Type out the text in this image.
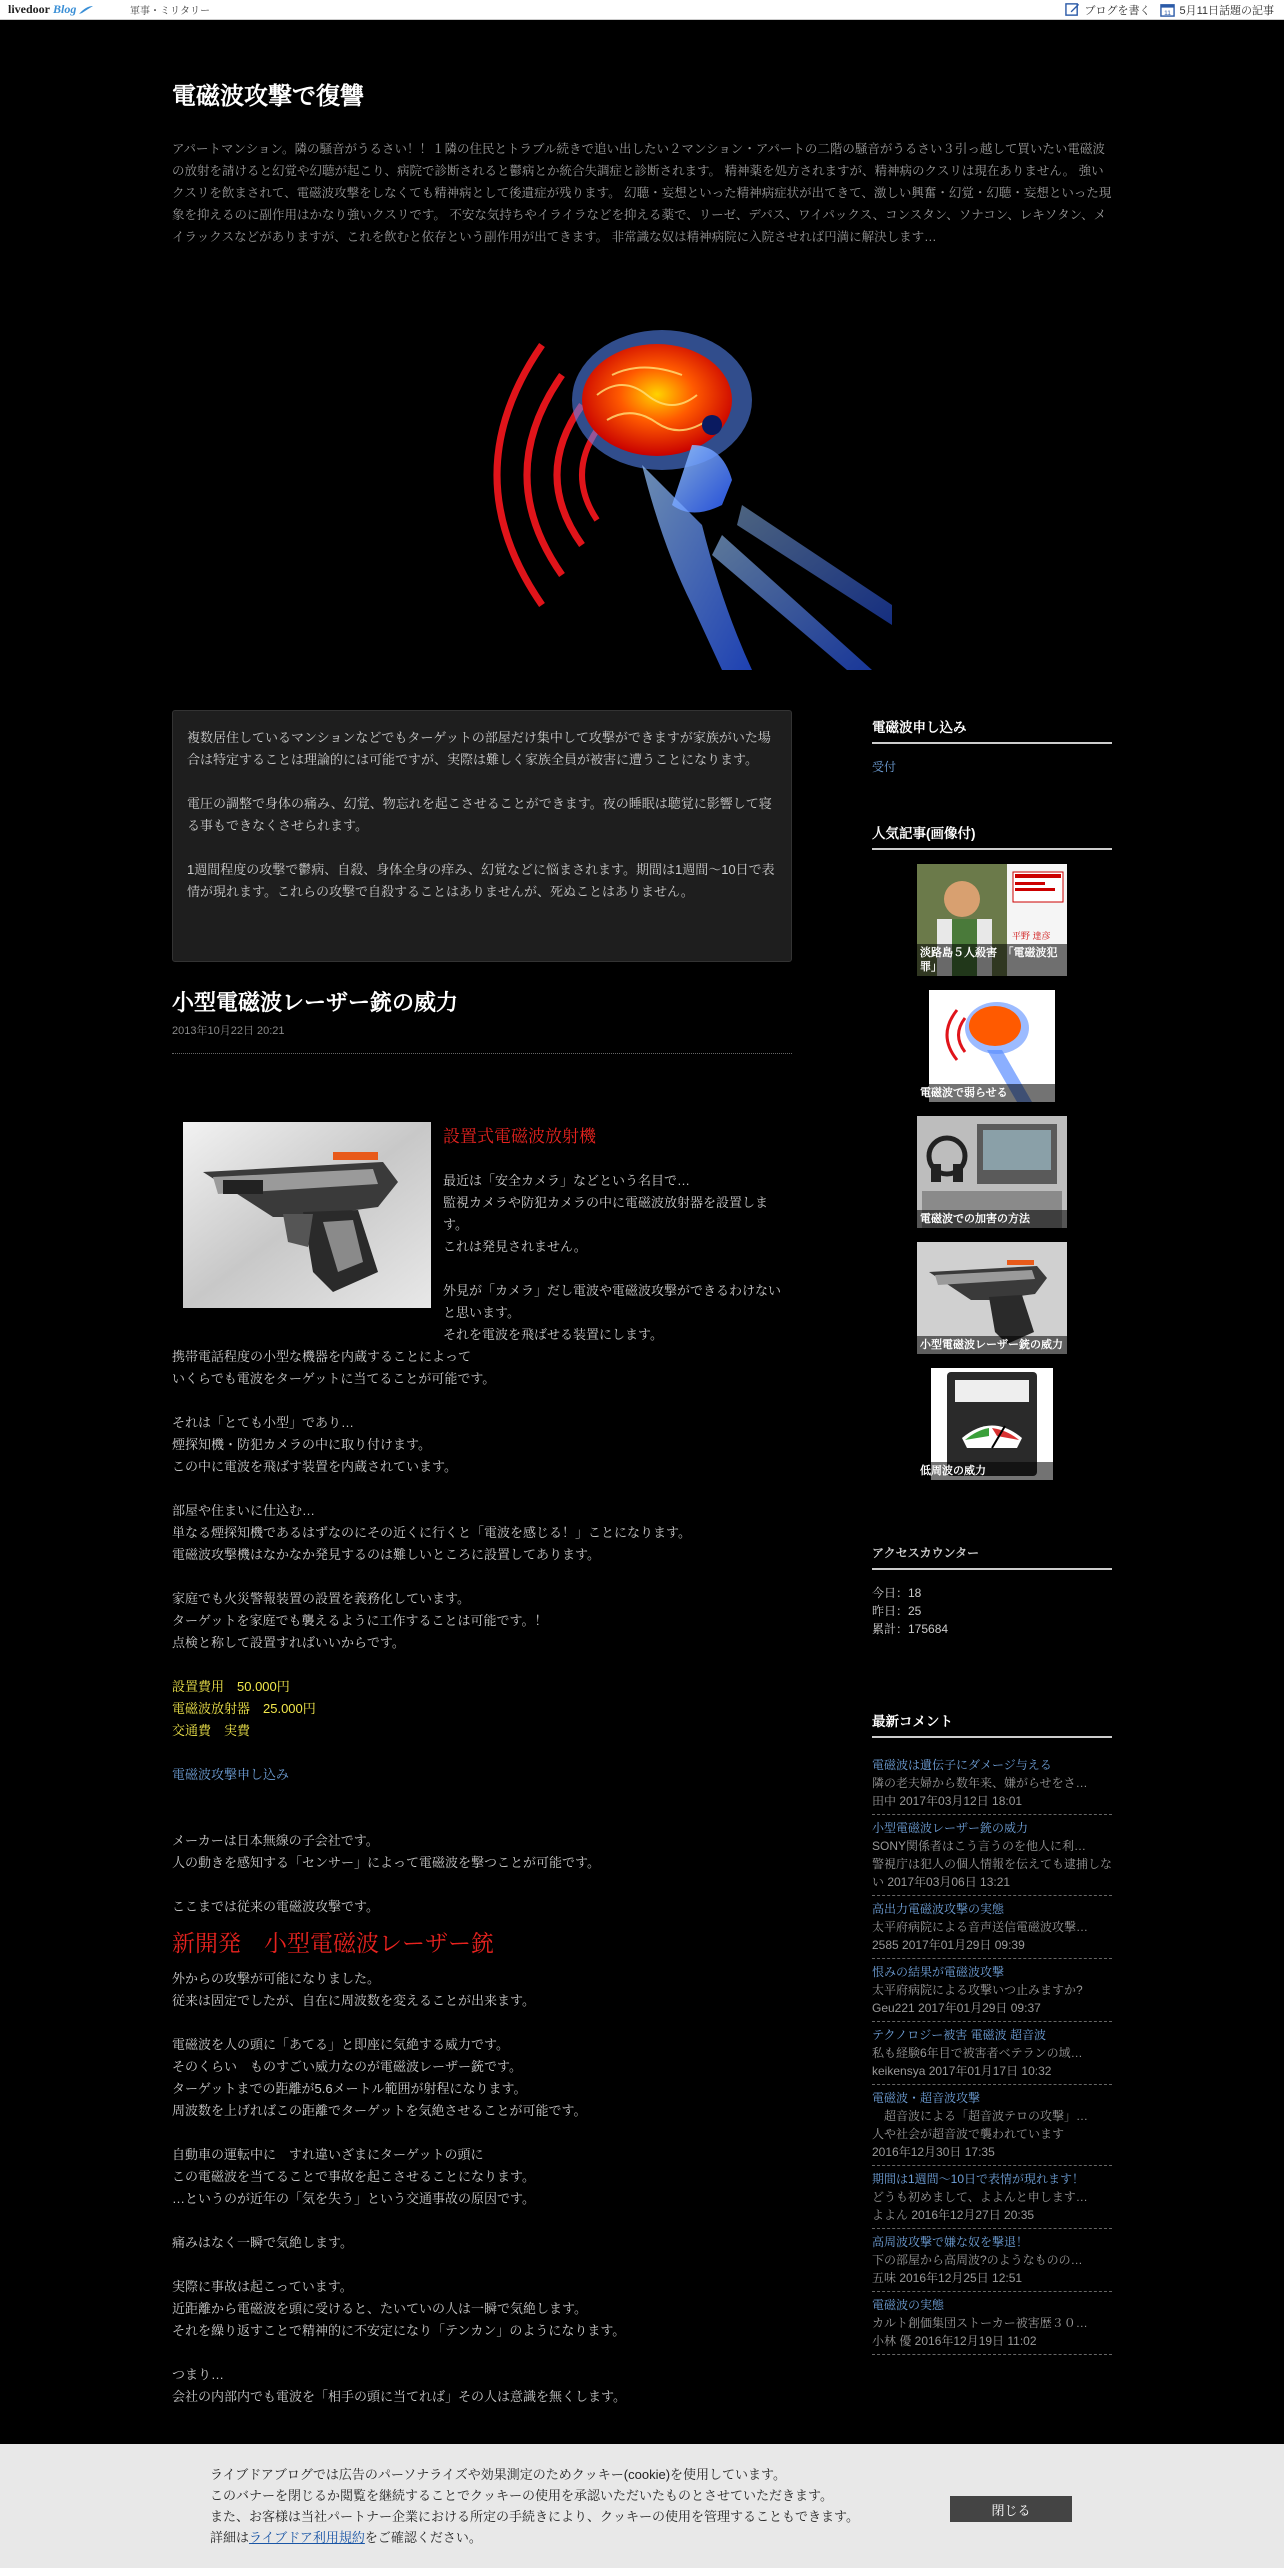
livedoor Blog	軍事・ミリタリー	ブログを書く 11 5月11日話題の記事
電磁波攻撃で復讐
アパートマンション。隣の騒音がうるさい！！１隣の住民とトラブル続きで追い出したい２マンション・アパートの二階の騒音がうるさい３引っ越して買いたい電磁波の放射を請けると幻覚や幻聴が起こり、病院で診断されると鬱病とか統合失調症と診断されます。 精神薬を処方されますが、精神病のクスリは現在ありません。 強いクスリを飲まされて、電磁波攻撃をしなくても精神病として後遺症が残ります。 幻聴・妄想といった精神病症状が出てきて、激しい興奮・幻覚・幻聴・妄想といった現象を抑えるのに副作用はかなり強いクスリです。 不安な気持ちやイライラなどを抑える薬で、リーゼ、デパス、ワイパックス、コンスタン、ソナコン、レキソタン、メイラックスなどがありますが、これを飲むと依存という副作用が出てきます。 非常識な奴は精神病院に入院させれば円満に解決します…

複数居住しているマンションなどでもターゲットの部屋だけ集中して攻撃ができますが家族がいた場合は特定することは理論的には可能ですが、実際は難しく家族全員が被害に遭うことになります。

電圧の調整で身体の痛み、幻覚、物忘れを起こさせることができます。夜の睡眠は聴覚に影響して寝る事もできなくさせられます。

1週間程度の攻撃で鬱病、自殺、身体全身の痒み、幻覚などに悩まされます。期間は1週間～10日で表情が現れます。これらの攻撃で自殺することはありませんが、死ぬことはありません。

小型電磁波レーザー銃の威力
2013年10月22日 20:21
設置式電磁波放射機
最近は「安全カメラ」などという名目で…
監視カメラや防犯カメラの中に電磁波放射器を設置します。
これは発見されません。
外見が「カメラ」だし電波や電磁波攻撃ができるわけないと思います。
それを電波を飛ばせる装置にします。
携帯電話程度の小型な機器を内蔵することによって
いくらでも電波をターゲットに当てることが可能です。
それは「とても小型」であり…
煙探知機・防犯カメラの中に取り付けます。
この中に電波を飛ばす装置を内蔵されています。
部屋や住まいに仕込む…
単なる煙探知機であるはずなのにその近くに行くと「電波を感じる！」ことになります。
電磁波攻撃機はなかなか発見するのは難しいところに設置してあります。
家庭でも火災警報装置の設置を義務化しています。
ターゲットを家庭でも襲えるように工作することは可能です。！
点検と称して設置すればいいからです。
設置費用　50.000円
電磁波放射器　25.000円
交通費　実費
電磁波攻撃申し込み
メーカーは日本無線の子会社です。
人の動きを感知する「センサー」によって電磁波を撃つことが可能です。
ここまでは従来の電磁波攻撃です。
新開発　小型電磁波レーザー銃
外からの攻撃が可能になりました。
従来は固定でしたが、自在に周波数を変えることが出来ます。
電磁波を人の頭に「あてる」と即座に気絶する威力です。
そのくらい　ものすごい威力なのが電磁波レーザー銃です。
ターゲットまでの距離が5.6メートル範囲が射程になります。
周波数を上げればこの距離でターゲットを気絶させることが可能です。
自動車の運転中に　すれ違いざまにターゲットの頭に
この電磁波を当てることで事故を起こさせることになります。
…というのが近年の「気を失う」という交通事故の原因です。
痛みはなく一瞬で気絶します。
実際に事故は起こっています。
近距離から電磁波を頭に受けると、たいていの人は一瞬で気絶します。
それを繰り返すことで精神的に不安定になり「テンカン」のようになります。
つまり…
会社の内部内でも電波を「相手の頭に当てれば」その人は意識を無くします。
電磁波申し込み
受付
人気記事(画像付)
平野 達彦
淡路島５人殺害　「電磁波犯罪」
電磁波で弱らせる
電磁波での加害の方法
小型電磁波レーザー銃の威力
低周波の威力
アクセスカウンター
今日：18
昨日：25
累計：175684
最新コメント
電磁波は遺伝子にダメージ与える
隣の老夫婦から数年来、嫌がらせをさ…
田中 2017年03月12日 18:01
小型電磁波レーザー銃の威力
SONY関係者はこう言うのを他人に利…
警視庁は犯人の個人情報を伝えても逮捕しない 2017年03月06日 13:21
高出力電磁波攻撃の実態
太平府病院による音声送信電磁波攻撃…
2585 2017年01月29日 09:39
恨みの結果が電磁波攻撃
太平府病院による攻撃いつ止みますか?
Geu221 2017年01月29日 09:37
テクノロジー被害 電磁波 超音波
私も経験6年目で被害者ベテランの域…
keikensya 2017年01月17日 10:32
電磁波・超音波攻撃
　超音波による「超音波テロの攻撃」…
人や社会が超音波で襲われています
2016年12月30日 17:35
期間は1週間～10日で表情が現れます！
どうも初めまして、よよんと申します…
よよん 2016年12月27日 20:35
高周波攻撃で嫌な奴を撃退！
下の部屋から高周波?のようなものの…
五味 2016年12月25日 12:51
電磁波の実態
カルト創価集団ストーカー被害歴３０…
小林 優 2016年12月19日 11:02
ライブドアブログでは広告のパーソナライズや効果測定のためクッキー(cookie)を使用しています。
このバナーを閉じるか閲覧を継続することでクッキーの使用を承認いただいたものとさせていただきます。
また、お客様は当社パートナー企業における所定の手続きにより、クッキーの使用を管理することもできます。
詳細はライブドア利用規約をご確認ください。
閉じる
